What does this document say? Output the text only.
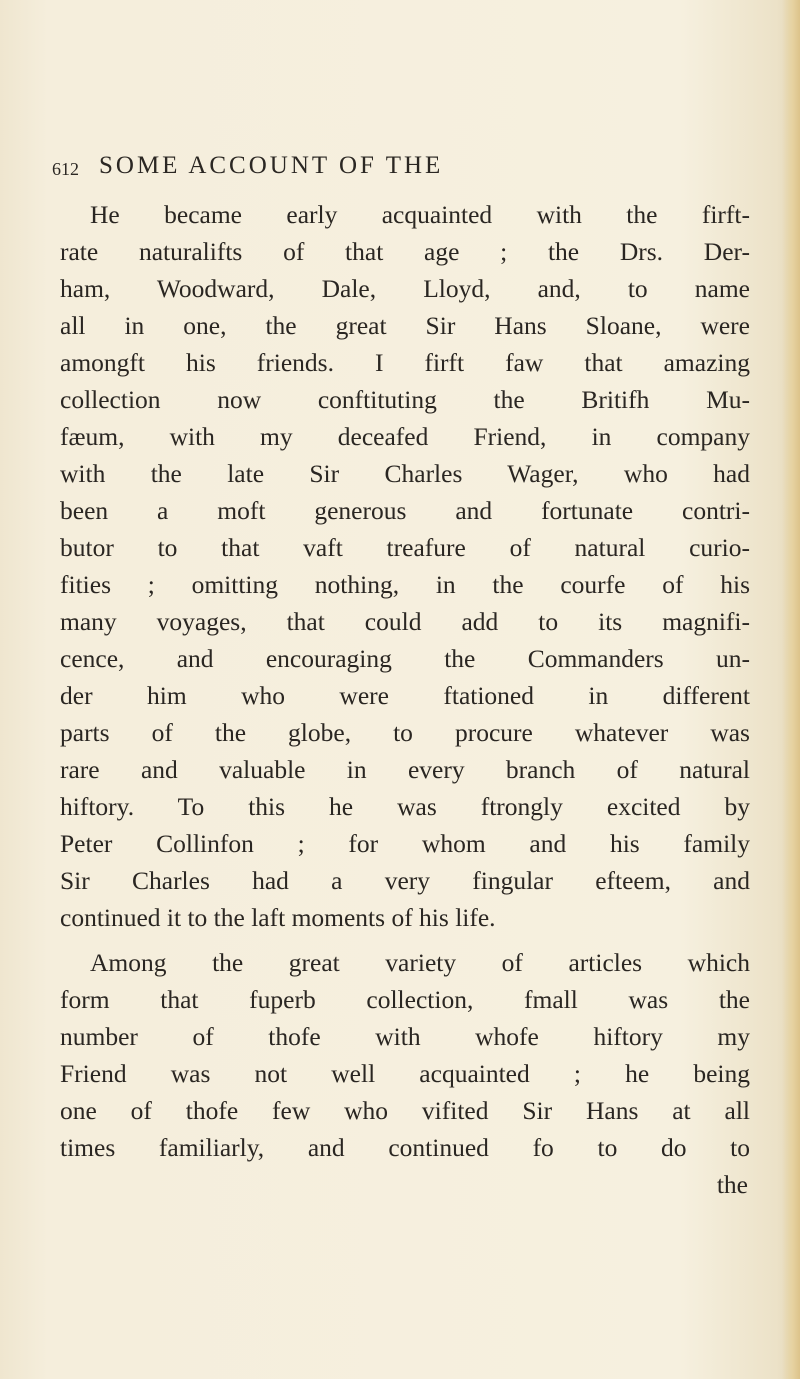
612 SOME ACCOUNT OF THE
He became early acquainted with the firft-
rate naturalifts of that age ; the Drs. Der-
ham, Woodward, Dale, Lloyd, and, to name
all in one, the great Sir Hans Sloane, were
amongft his friends. I firft faw that amazing
collection now conftituting the Britifh Mu-
fæum, with my deceafed Friend, in company
with the late Sir Charles Wager, who had
been a moft generous and fortunate contri-
butor to that vaft treafure of natural curio-
fities ; omitting nothing, in the courfe of his
many voyages, that could add to its magnifi-
cence, and encouraging the Commanders un-
der him who were ftationed in different
parts of the globe, to procure whatever was
rare and valuable in every branch of natural
hiftory. To this he was ftrongly excited by
Peter Collinfon ; for whom and his family
Sir Charles had a very fingular efteem, and
continued it to the laft moments of his life.
Among the great variety of articles which
form that fuperb collection, fmall was the
number of thofe with whofe hiftory my
Friend was not well acquainted ; he being
one of thofe few who vifited Sir Hans at all
times familiarly, and continued fo to do to
the
